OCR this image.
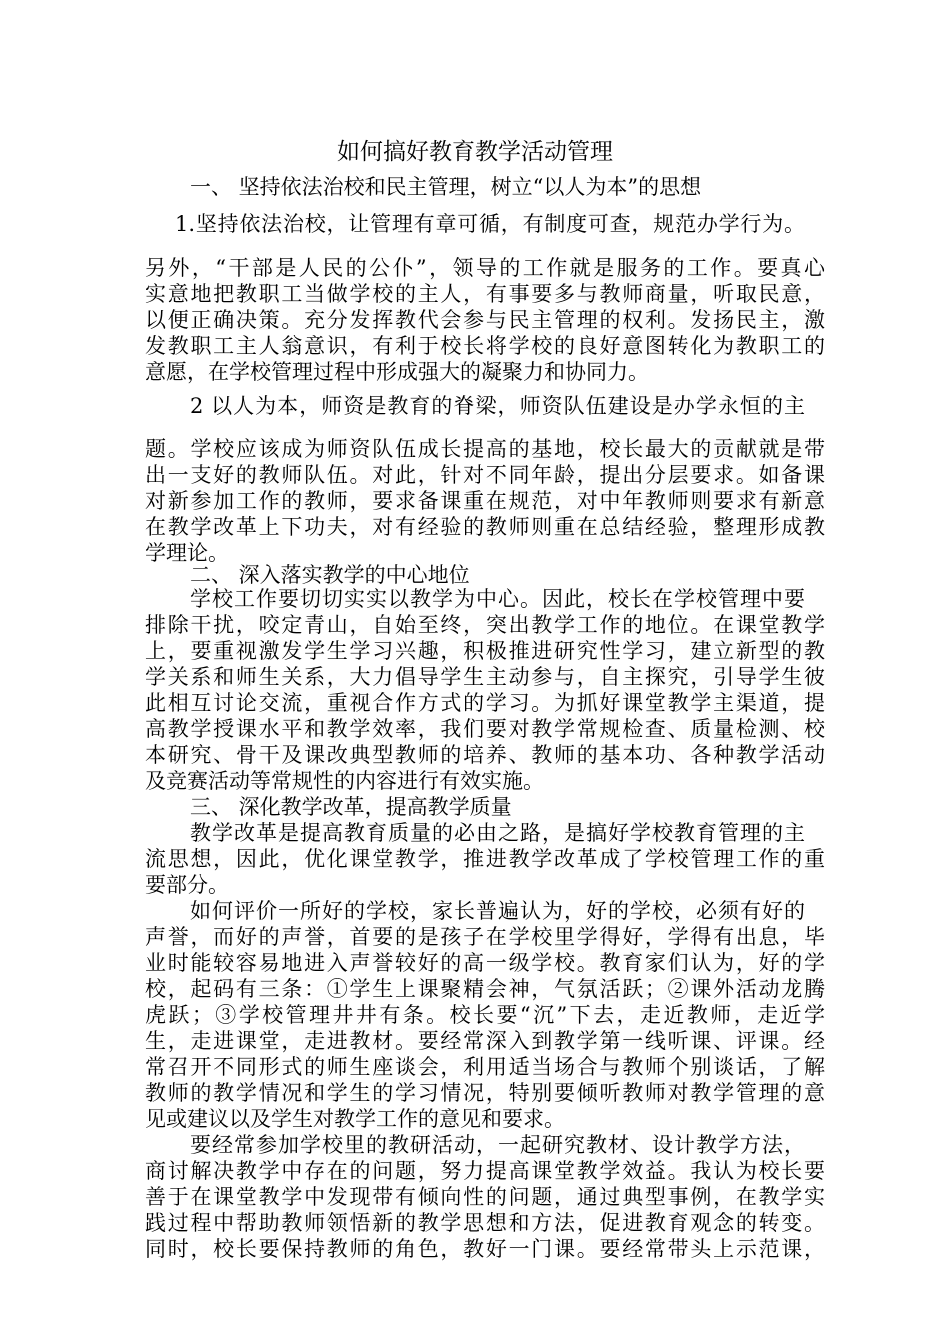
如何搞好教育教学活动管理
一、 坚持依法治校和民主管理，树立“以人为本”的思想
1.坚持依法治校，让管理有章可循，有制度可查，规范办学行为。
另外，“干部是人民的公仆”，领导的工作就是服务的工作。要真心
实意地把教职工当做学校的主人，有事要多与教师商量，听取民意，
以便正确决策。充分发挥教代会参与民主管理的权利。发扬民主，激
发教职工主人翁意识，有利于校长将学校的良好意图转化为教职工的
意愿，在学校管理过程中形成强大的凝聚力和协同力。
2 以人为本，师资是教育的脊梁，师资队伍建设是办学永恒的主
题。学校应该成为师资队伍成长提高的基地，校长最大的贡献就是带
出一支好的教师队伍。对此，针对不同年龄，提出分层要求。如备课
对新参加工作的教师，要求备课重在规范，对中年教师则要求有新意
在教学改革上下功夫，对有经验的教师则重在总结经验，整理形成教
学理论。
二、 深入落实教学的中心地位
学校工作要切切实实以教学为中心。因此，校长在学校管理中要
排除干扰，咬定青山，自始至终，突出教学工作的地位。在课堂教学
上，要重视激发学生学习兴趣，积极推进研究性学习，建立新型的教
学关系和师生关系，大力倡导学生主动参与，自主探究，引导学生彼
此相互讨论交流，重视合作方式的学习。为抓好课堂教学主渠道，提
高教学授课水平和教学效率，我们要对教学常规检查、质量检测、校
本研究、骨干及课改典型教师的培养、教师的基本功、各种教学活动
及竞赛活动等常规性的内容进行有效实施。
三、 深化教学改革，提高教学质量
教学改革是提高教育质量的必由之路，是搞好学校教育管理的主
流思想，因此，优化课堂教学，推进教学改革成了学校管理工作的重
要部分。
如何评价一所好的学校，家长普遍认为，好的学校，必须有好的
声誉，而好的声誉，首要的是孩子在学校里学得好，学得有出息，毕
业时能较容易地进入声誉较好的高一级学校。教育家们认为，好的学
校，起码有三条：①学生上课聚精会神，气氛活跃；②课外活动龙腾
虎跃；③学校管理井井有条。校长要“沉”下去，走近教师，走近学
生，走进课堂，走进教材。要经常深入到教学第一线听课、评课。经
常召开不同形式的师生座谈会，利用适当场合与教师个别谈话，了解
教师的教学情况和学生的学习情况，特别要倾听教师对教学管理的意
见或建议以及学生对教学工作的意见和要求。
要经常参加学校里的教研活动，一起研究教材、设计教学方法，
商讨解决教学中存在的问题，努力提高课堂教学效益。我认为校长要
善于在课堂教学中发现带有倾向性的问题，通过典型事例，在教学实
践过程中帮助教师领悟新的教学思想和方法，促进教育观念的转变。
同时，校长要保持教师的角色，教好一门课。要经常带头上示范课，
